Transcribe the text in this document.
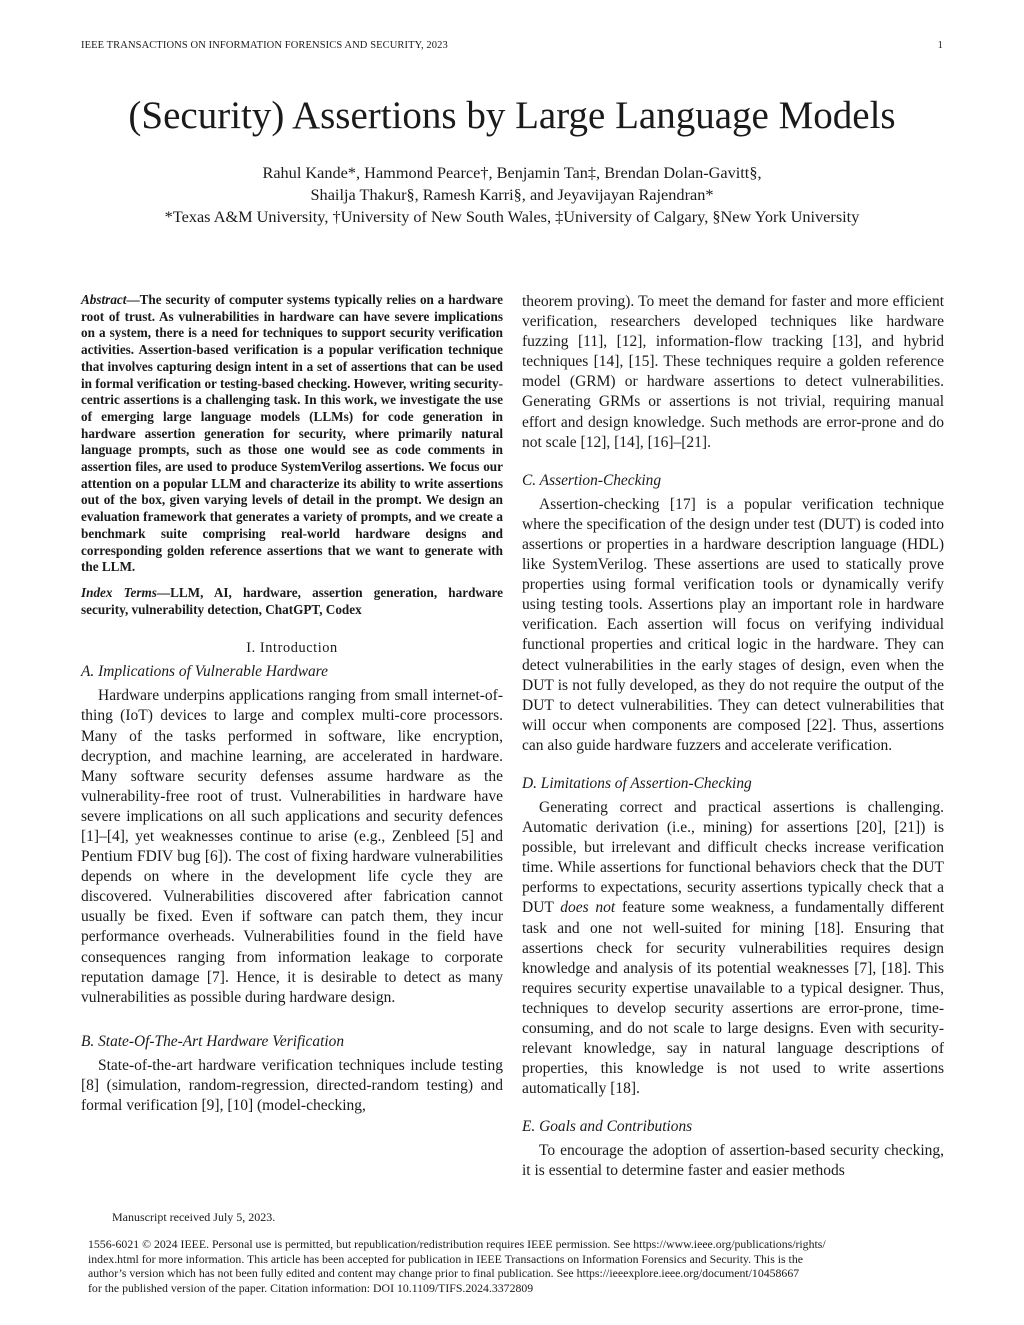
IEEE TRANSACTIONS ON INFORMATION FORENSICS AND SECURITY, 2023	1
(Security) Assertions by Large Language Models
Rahul Kande*, Hammond Pearce†, Benjamin Tan‡, Brendan Dolan-Gavitt§,
Shailja Thakur§, Ramesh Karri§, and Jeyavijayan Rajendran*
*Texas A&M University, †University of New South Wales, ‡University of Calgary, §New York University

Abstract—The security of computer systems typically relies on a hardware root of trust. As vulnerabilities in hardware can have severe implications on a system, there is a need for techniques to support security verification activities. Assertion-based verification is a popular verification technique that involves capturing design intent in a set of assertions that can be used in formal verification or testing-based checking. However, writing security-centric assertions is a challenging task. In this work, we investigate the use of emerging large language models (LLMs) for code generation in hardware assertion generation for security, where primarily natural language prompts, such as those one would see as code comments in assertion files, are used to produce SystemVerilog assertions. We focus our attention on a popular LLM and characterize its ability to write assertions out of the box, given varying levels of detail in the prompt. We design an evaluation framework that generates a variety of prompts, and we create a benchmark suite comprising real-world hardware designs and corresponding golden reference assertions that we want to generate with the LLM.

Index Terms—LLM, AI, hardware, assertion generation, hardware security, vulnerability detection, ChatGPT, Codex

I. Introduction
A. Implications of Vulnerable Hardware

Hardware underpins applications ranging from small internet-of-thing (IoT) devices to large and complex multi-core processors. Many of the tasks performed in software, like encryption, decryption, and machine learning, are accelerated in hardware. Many software security defenses assume hardware as the vulnerability-free root of trust. Vulnerabilities in hardware have severe implications on all such applications and security defences [1]–[4], yet weaknesses continue to arise (e.g., Zenbleed [5] and Pentium FDIV bug [6]). The cost of fixing hardware vulnerabilities depends on where in the development life cycle they are discovered. Vulnerabilities discovered after fabrication cannot usually be fixed. Even if software can patch them, they incur performance overheads. Vulnerabilities found in the field have consequences ranging from information leakage to corporate reputation damage [7]. Hence, it is desirable to detect as many vulnerabilities as possible during hardware design.

B. State-Of-The-Art Hardware Verification

State-of-the-art hardware verification techniques include testing [8] (simulation, random-regression, directed-random testing) and formal verification [9], [10] (model-checking,

theorem proving). To meet the demand for faster and more efficient verification, researchers developed techniques like hardware fuzzing [11], [12], information-flow tracking [13], and hybrid techniques [14], [15]. These techniques require a golden reference model (GRM) or hardware assertions to detect vulnerabilities. Generating GRMs or assertions is not trivial, requiring manual effort and design knowledge. Such methods are error-prone and do not scale [12], [14], [16]–[21].

C. Assertion-Checking

Assertion-checking [17] is a popular verification technique where the specification of the design under test (DUT) is coded into assertions or properties in a hardware description language (HDL) like SystemVerilog. These assertions are used to statically prove properties using formal verification tools or dynamically verify using testing tools. Assertions play an important role in hardware verification. Each assertion will focus on verifying individual functional properties and critical logic in the hardware. They can detect vulnerabilities in the early stages of design, even when the DUT is not fully developed, as they do not require the output of the DUT to detect vulnerabilities. They can detect vulnerabilities that will occur when components are composed [22]. Thus, assertions can also guide hardware fuzzers and accelerate verification.

D. Limitations of Assertion-Checking

Generating correct and practical assertions is challenging. Automatic derivation (i.e., mining) for assertions [20], [21]) is possible, but irrelevant and difficult checks increase verification time. While assertions for functional behaviors check that the DUT performs to expectations, security assertions typically check that a DUT does not feature some weakness, a fundamentally different task and one not well-suited for mining [18]. Ensuring that assertions check for security vulnerabilities requires design knowledge and analysis of its potential weaknesses [7], [18]. This requires security expertise unavailable to a typical designer. Thus, techniques to develop security assertions are error-prone, time-consuming, and do not scale to large designs. Even with security-relevant knowledge, say in natural language descriptions of properties, this knowledge is not used to write assertions automatically [18].

E. Goals and Contributions

To encourage the adoption of assertion-based security checking, it is essential to determine faster and easier methods

Manuscript received July 5, 2023.
1556-6021 © 2024 IEEE. Personal use is permitted, but republication/redistribution requires IEEE permission. See https://www.ieee.org/publications/rights/
index.html for more information. This article has been accepted for publication in IEEE Transactions on Information Forensics and Security. This is the
author’s version which has not been fully edited and content may change prior to final publication. See https://ieeexplore.ieee.org/document/10458667
for the published version of the paper. Citation information: DOI 10.1109/TIFS.2024.3372809
